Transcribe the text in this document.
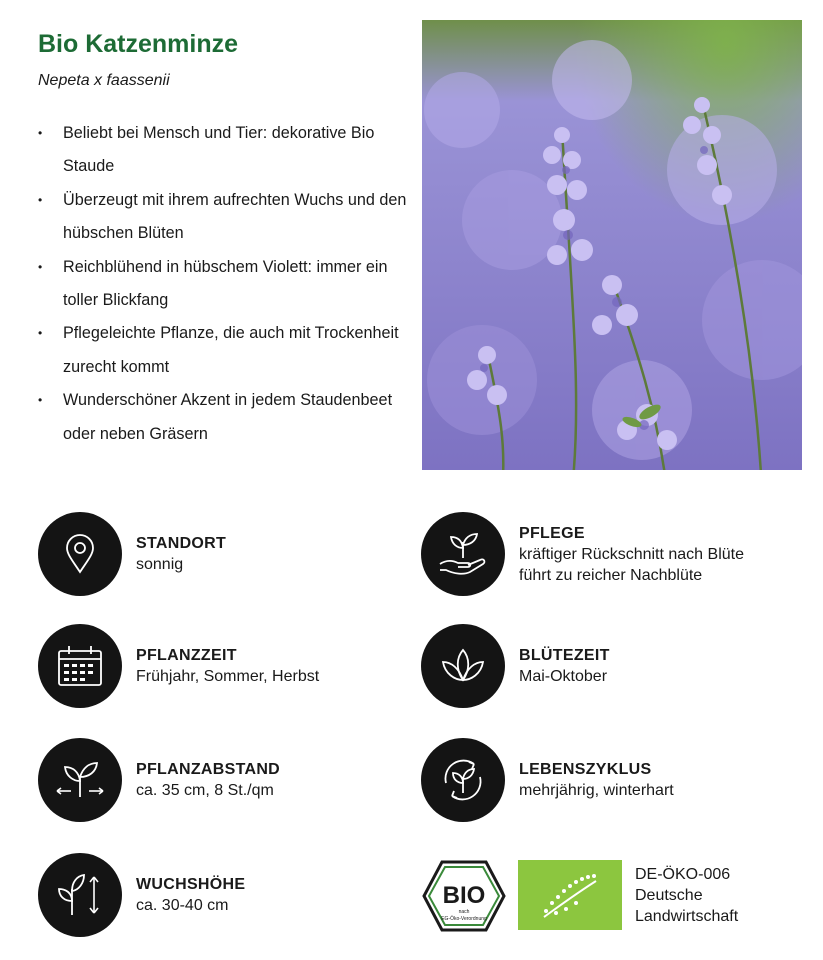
Bio Katzenminze

Nepeta x faassenii

• Beliebt bei Mensch und Tier: dekorative Bio Staude
• Überzeugt mit ihrem aufrechten Wuchs und den hübschen Blüten
• Reichblühend in hübschem Violett: immer ein toller Blickfang
• Pflegeleichte Pflanze, die auch mit Trockenheit zurecht kommt
• Wunderschöner Akzent in jedem Staudenbeet oder neben Gräsern
STANDORT
sonnig
PFLANZZEIT
Frühjahr, Sommer, Herbst
PFLANZABSTAND
ca. 35 cm, 8 St./qm
WUCHSHÖHE
ca. 30-40 cm
PFLEGE
kräftiger Rückschnitt nach Blüte
führt zu reicher Nachblüte
BLÜTEZEIT
Mai-Oktober
LEBENSZYKLUS
mehrjährig, winterhart
BIO
nach
EG-Öko-Verordnung
DE-ÖKO-006
Deutsche
Landwirtschaft
